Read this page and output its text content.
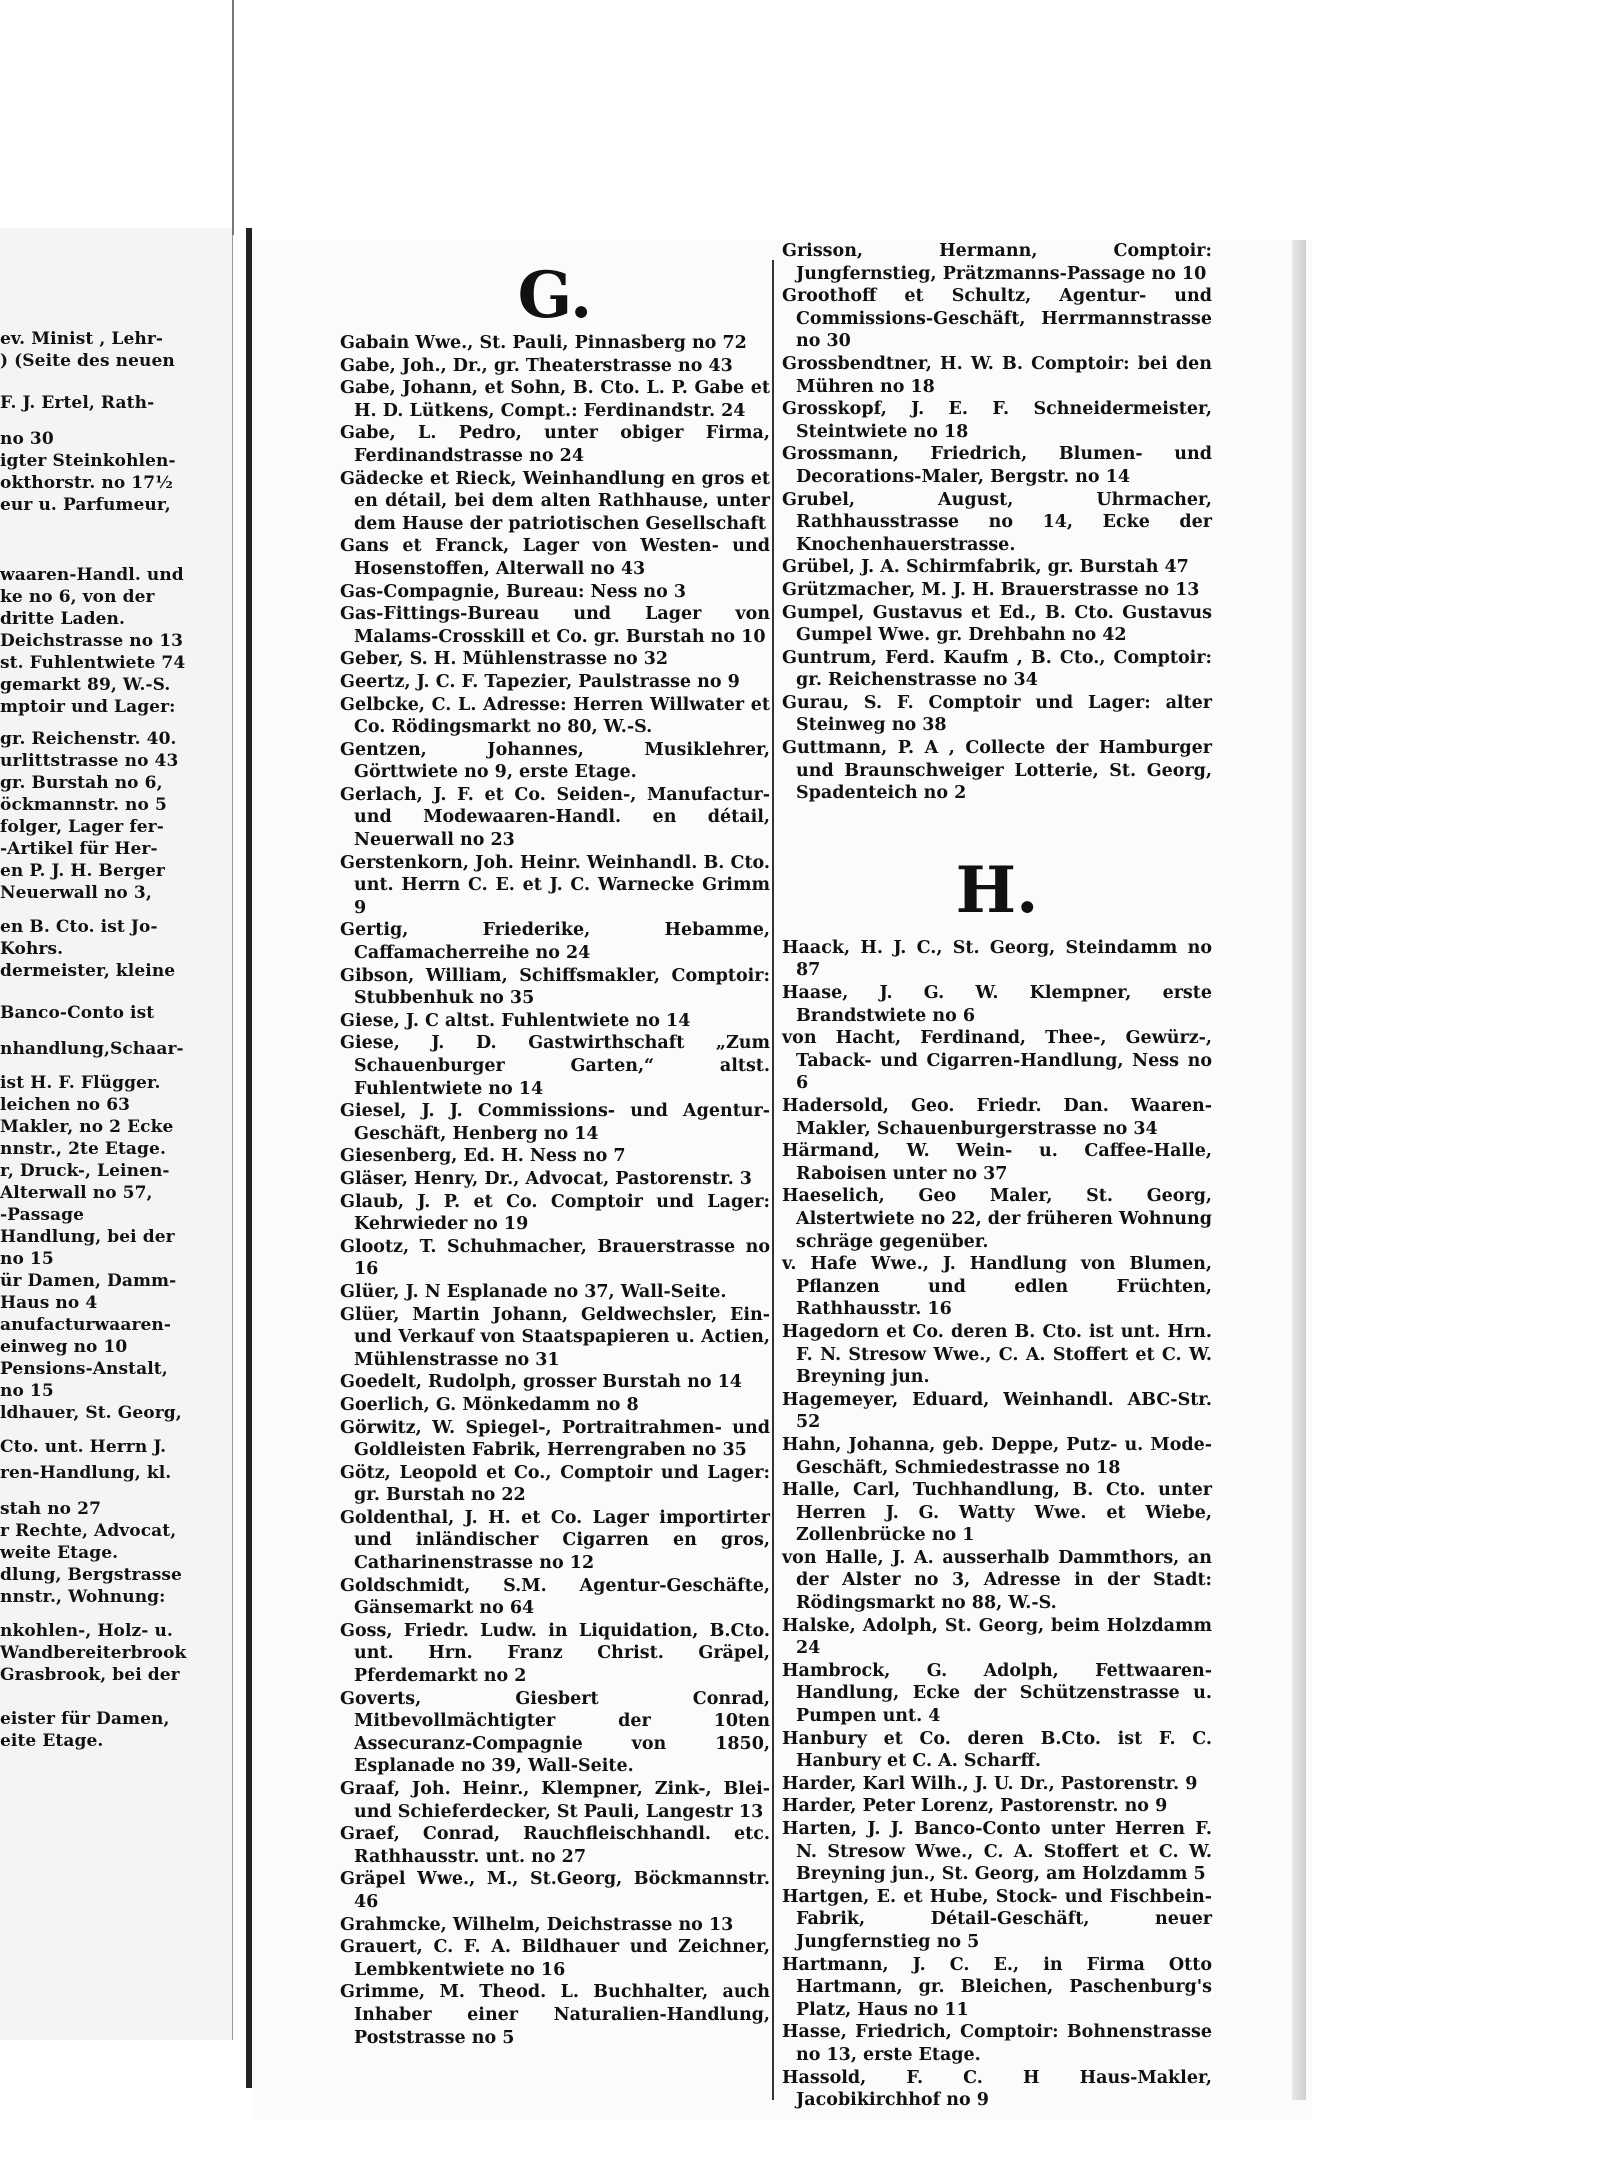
ev. Minist , Lehr-
) (Seite des neuen
F. J. Ertel, Rath-
no 30
igter Steinkohlen-
okthorstr. no 17½
eur u. Parfumeur,
waaren-Handl. und
ke no 6, von der
dritte Laden.
Deichstrasse no 13
st. Fuhlentwiete 74
gemarkt 89, W.-S.
mptoir und Lager:
gr. Reichenstr. 40.
urlittstrasse no 43
gr. Burstah no 6,
öckmannstr. no 5
folger, Lager fer-
-Artikel für Her-
en P. J. H. Berger
Neuerwall no 3,
en B. Cto. ist Jo-
Kohrs.
dermeister, kleine
Banco-Conto ist
nhandlung,Schaar-
ist H. F. Flügger.
leichen no 63
Makler, no 2 Ecke
nnstr., 2te Etage.
r, Druck-, Leinen-
Alterwall no 57,
-Passage
Handlung, bei der
no 15
ür Damen, Damm-
Haus no 4
anufacturwaaren-
einweg no 10
Pensions-Anstalt,
no 15
ldhauer, St. Georg,
Cto. unt. Herrn J.
ren-Handlung, kl.
stah no 27
r Rechte, Advocat,
weite Etage.
dlung, Bergstrasse
nnstr., Wohnung:
nkohlen-, Holz- u.
Wandbereiterbrook
Grasbrook, bei der
eister für Damen,
eite Etage.
G.

Gabain Wwe., St. Pauli, Pinnasberg no 72

Gabe, Joh., Dr., gr. Theaterstrasse no 43

Gabe, Johann, et Sohn, B. Cto. L. P. Gabe et H. D. Lütkens, Compt.: Ferdinandstr. 24

Gabe, L. Pedro, unter obiger Firma, Ferdinandstrasse no 24

Gädecke et Rieck, Weinhandlung en gros et en détail, bei dem alten Rathhause, unter dem Hause der patriotischen Gesellschaft

Gans et Franck, Lager von Westen- und Hosenstoffen, Alterwall no 43

Gas-Compagnie, Bureau: Ness no 3

Gas-Fittings-Bureau und Lager von Malams-Crosskill et Co. gr. Burstah no 10

Geber, S. H. Mühlenstrasse no 32

Geertz, J. C. F. Tapezier, Paulstrasse no 9

Gelbcke, C. L. Adresse: Herren Willwater et Co. Rödingsmarkt no 80, W.-S.

Gentzen, Johannes, Musiklehrer, Görttwiete no 9, erste Etage.

Gerlach, J. F. et Co. Seiden-, Manufactur- und Modewaaren-Handl. en détail, Neuerwall no 23

Gerstenkorn, Joh. Heinr. Weinhandl. B. Cto. unt. Herrn C. E. et J. C. Warnecke Grimm 9

Gertig, Friederike, Hebamme, Caffamacherreihe no 24

Gibson, William, Schiffsmakler, Comptoir: Stubbenhuk no 35

Giese, J. C altst. Fuhlentwiete no 14

Giese, J. D. Gastwirthschaft „Zum Schauenburger Garten,“ altst. Fuhlentwiete no 14

Giesel, J. J. Commissions- und Agentur-Geschäft, Henberg no 14

Giesenberg, Ed. H. Ness no 7

Gläser, Henry, Dr., Advocat, Pastorenstr. 3

Glaub, J. P. et Co. Comptoir und Lager: Kehrwieder no 19

Glootz, T. Schuhmacher, Brauerstrasse no 16

Glüer, J. N Esplanade no 37, Wall-Seite.

Glüer, Martin Johann, Geldwechsler, Ein- und Verkauf von Staatspapieren u. Actien, Mühlenstrasse no 31

Goedelt, Rudolph, grosser Burstah no 14

Goerlich, G. Mönkedamm no 8

Görwitz, W. Spiegel-, Portraitrahmen- und Goldleisten Fabrik, Herrengraben no 35

Götz, Leopold et Co., Comptoir und Lager: gr. Burstah no 22

Goldenthal, J. H. et Co. Lager importirter und inländischer Cigarren en gros, Catharinenstrasse no 12

Goldschmidt, S.M. Agentur-Geschäfte, Gänsemarkt no 64

Goss, Friedr. Ludw. in Liquidation, B.Cto. unt. Hrn. Franz Christ. Gräpel, Pferdemarkt no 2

Goverts, Giesbert Conrad, Mitbevollmächtigter der 10ten Assecuranz-Compagnie von 1850, Esplanade no 39, Wall-Seite.

Graaf, Joh. Heinr., Klempner, Zink-, Blei- und Schieferdecker, St Pauli, Langestr 13

Graef, Conrad, Rauchfleischhandl. etc. Rathhausstr. unt. no 27

Gräpel Wwe., M., St.Georg, Böckmannstr. 46

Grahmcke, Wilhelm, Deichstrasse no 13

Grauert, C. F. A. Bildhauer und Zeichner, Lembkentwiete no 16

Grimme, M. Theod. L. Buchhalter, auch Inhaber einer Naturalien-Handlung, Poststrasse no 5

Grisson, Hermann, Comptoir: Jungfernstieg, Prätzmanns-Passage no 10

Groothoff et Schultz, Agentur- und Commissions-Geschäft, Herrmannstrasse no 30

Grossbendtner, H. W. B. Comptoir: bei den Mühren no 18

Grosskopf, J. E. F. Schneidermeister, Steintwiete no 18

Grossmann, Friedrich, Blumen- und Decorations-Maler, Bergstr. no 14

Grubel, August, Uhrmacher, Rathhausstrasse no 14, Ecke der Knochenhauerstrasse.

Grübel, J. A. Schirmfabrik, gr. Burstah 47

Grützmacher, M. J. H. Brauerstrasse no 13

Gumpel, Gustavus et Ed., B. Cto. Gustavus Gumpel Wwe. gr. Drehbahn no 42

Guntrum, Ferd. Kaufm , B. Cto., Comptoir: gr. Reichenstrasse no 34

Gurau, S. F. Comptoir und Lager: alter Steinweg no 38

Guttmann, P. A , Collecte der Hamburger und Braunschweiger Lotterie, St. Georg, Spadenteich no 2

H.

Haack, H. J. C., St. Georg, Steindamm no 87

Haase, J. G. W. Klempner, erste Brandstwiete no 6

von Hacht, Ferdinand, Thee-, Gewürz-, Taback- und Cigarren-Handlung, Ness no 6

Hadersold, Geo. Friedr. Dan. Waaren-Makler, Schauenburgerstrasse no 34

Härmand, W. Wein- u. Caffee-Halle, Raboisen unter no 37

Haeselich, Geo Maler, St. Georg, Alstertwiete no 22, der früheren Wohnung schräge gegenüber.

v. Hafe Wwe., J. Handlung von Blumen, Pflanzen und edlen Früchten, Rathhausstr. 16

Hagedorn et Co. deren B. Cto. ist unt. Hrn. F. N. Stresow Wwe., C. A. Stoffert et C. W. Breyning jun.

Hagemeyer, Eduard, Weinhandl. ABC-Str. 52

Hahn, Johanna, geb. Deppe, Putz- u. Mode-Geschäft, Schmiedestrasse no 18

Halle, Carl, Tuchhandlung, B. Cto. unter Herren J. G. Watty Wwe. et Wiebe, Zollenbrücke no 1

von Halle, J. A. ausserhalb Dammthors, an der Alster no 3, Adresse in der Stadt: Rödingsmarkt no 88, W.-S.

Halske, Adolph, St. Georg, beim Holzdamm 24

Hambrock, G. Adolph, Fettwaaren-Handlung, Ecke der Schützenstrasse u. Pumpen unt. 4

Hanbury et Co. deren B.Cto. ist F. C. Hanbury et C. A. Scharff.

Harder, Karl Wilh., J. U. Dr., Pastorenstr. 9

Harder, Peter Lorenz, Pastorenstr. no 9

Harten, J. J. Banco-Conto unter Herren F. N. Stresow Wwe., C. A. Stoffert et C. W. Breyning jun., St. Georg, am Holzdamm 5

Hartgen, E. et Hube, Stock- und Fischbein-Fabrik, Détail-Geschäft, neuer Jungfernstieg no 5

Hartmann, J. C. E., in Firma Otto Hartmann, gr. Bleichen, Paschenburg's Platz, Haus no 11

Hasse, Friedrich, Comptoir: Bohnenstrasse no 13, erste Etage.

Hassold, F. C. H Haus-Makler, Jacobikirchhof no 9
